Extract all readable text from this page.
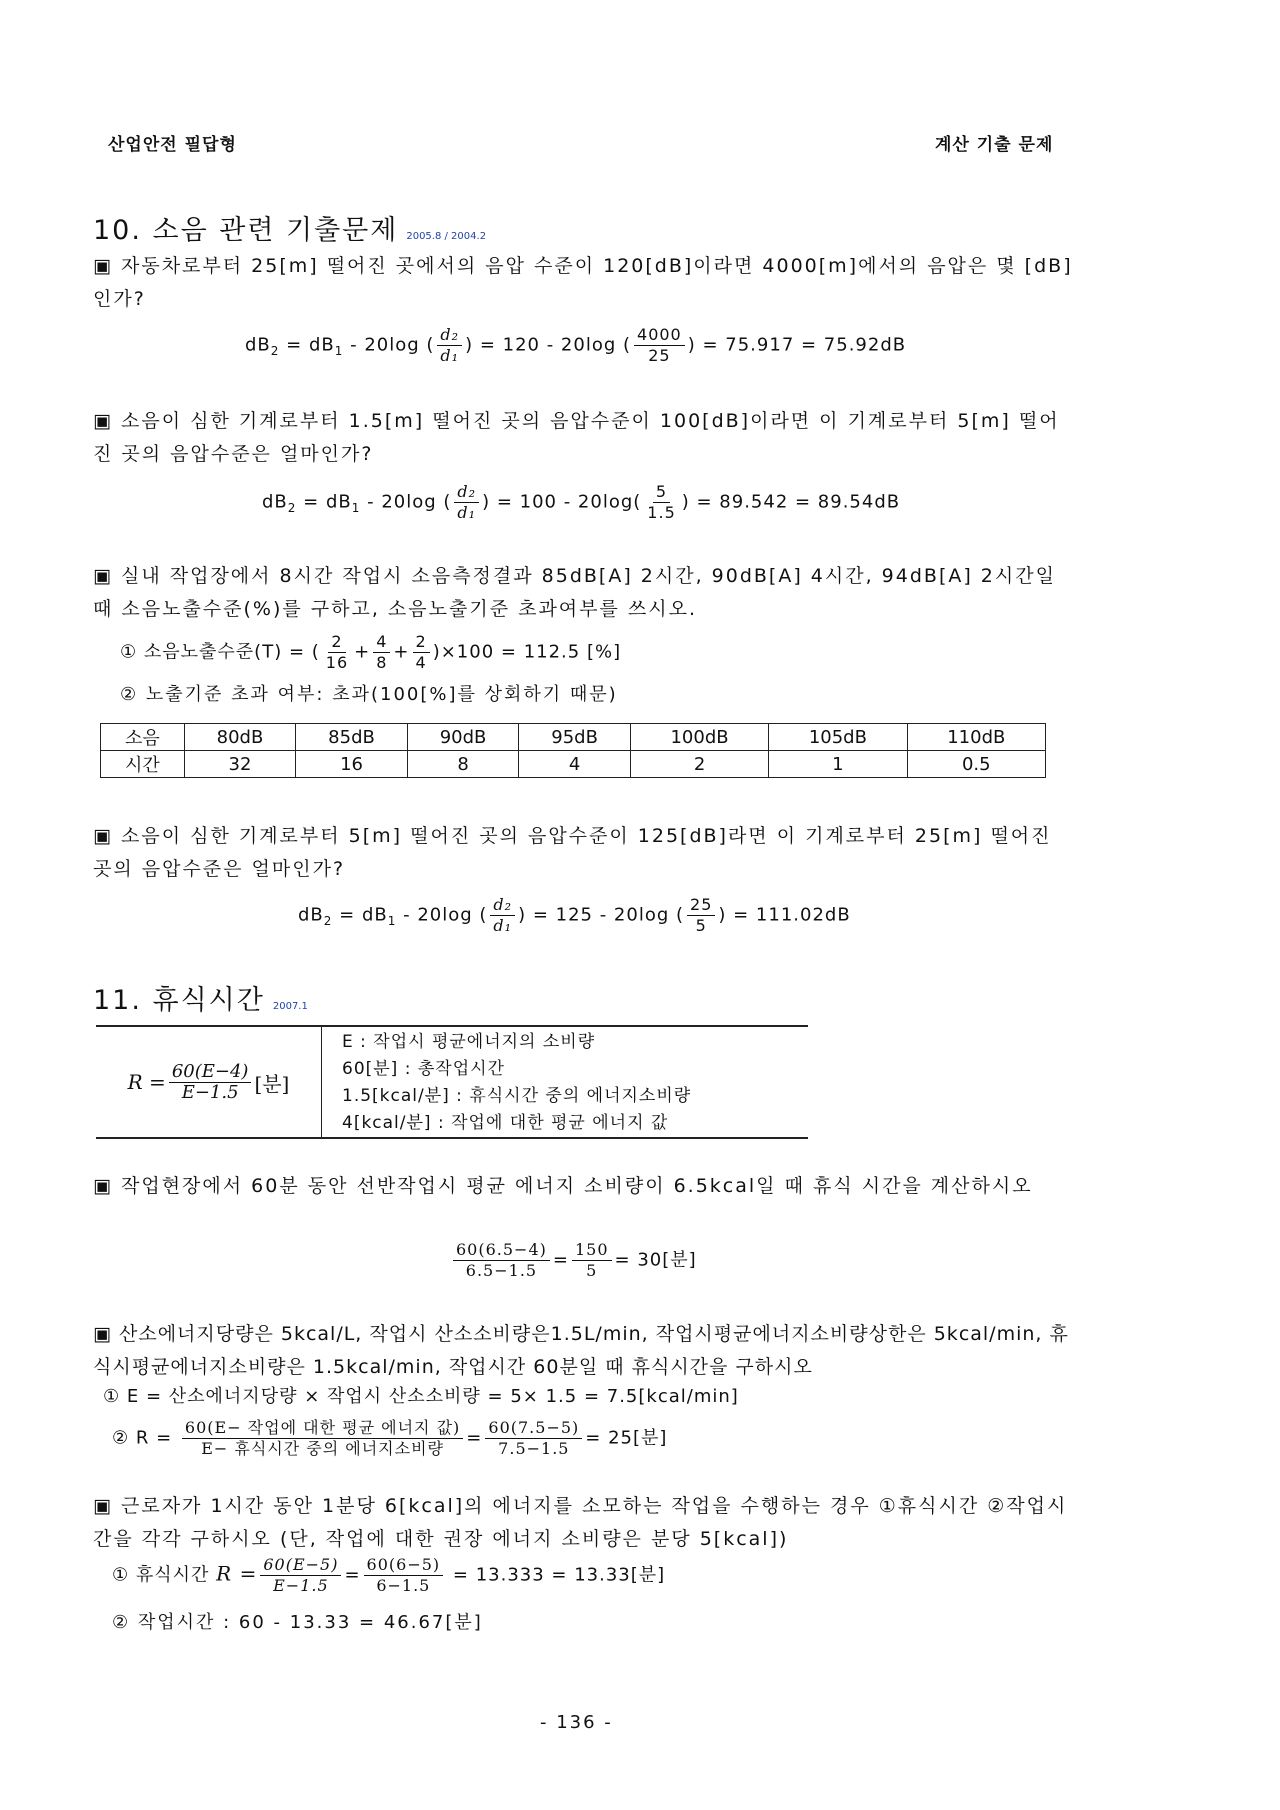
산업안전 필답형	계산 기출 문제
10. 소음 관련 기출문제 2005.8 / 2004.2
▣ 자동차로부터 25[m] 떨어진 곳에서의 음압 수준이 120[dB]이라면 4000[m]에서의 음압은 몇 [dB]인가?
$dB_2 = dB_1 - 20\log$ ( $\frac{\text{d₂}}{\text{d₁}}$ ) = 120 - 20log ( $\frac{4000}{25}$ ) = 75.917 = 75.92dB
▣ 소음이 심한 기계로부터 1.5[m] 떨어진 곳의 음압수준이 100[dB]이라면 이 기계로부터 5[m] 떨어진 곳의 음압수준은 얼마인가?
$dB_2 = dB_1 - 20\log$ ( $\frac{\text{d₂}}{\text{d₁}}$ ) = $100 - 20\log( \frac{5}{1.5}$ ) = 89.542 = 89.54dB
▣ 실내 작업장에서 8시간 작업시 소음측정결과 85dB[A] 2시간, 90dB[A] 4시간, 94dB[A] 2시간일때 소음노출수준(%)를 구하고, 소음노출기준 초과여부를 쓰시오.
① 소음노출수준(T) = ( $\frac{2}{16} + \frac{4}{8} + \frac{2}{4} )\times 100 = 112.5$ [%]
② 노출기준 초과 여부: 초과(100[%]를 상회하기 때문)
소음	80dB	85dB	90dB	95dB	100dB	105dB	110dB
시간	32	16	8	4	2	1	0.5
▣ 소음이 심한 기계로부터 5[m] 떨어진 곳의 음압수준이 125[dB]라면 이 기계로부터 25[m] 떨어진 곳의 음압수준은 얼마인가?
$dB_2 = dB_1 - 20\log$ ( $\frac{\text{d₂}}{\text{d₁}}$ ) = 125 - 20log ( $\frac{25}{5}$ ) = 111.02dB
11. 휴식시간 2007.1
$R = \frac{60(E-4)}{E-1.5}$ [분]
E : 작업시 평균에너지의 소비량
60[분] : 총작업시간
1.5[kcal/분] : 휴식시간 중의 에너지소비량
4[kcal/분] : 작업에 대한 평균 에너지 값
▣ 작업현장에서 60분 동안 선반작업시 평균 에너지 소비량이 6.5kcal일 때 휴식 시간을 계산하시오
$\frac{60(6.5-4)}{6.5-1.5} = \frac{150}{5} = 30$[분]
▣ 산소에너지당량은 5kcal/L, 작업시 산소소비량은1.5L/min, 작업시평균에너지소비량상한은 5kcal/min, 휴식시평균에너지소비량은 1.5kcal/min, 작업시간 60분일 때 휴식시간을 구하시오
① E = 산소에너지당량 × 작업시 산소소비량 = 5× 1.5 = 7.5[kcal/min]
② $R = \frac{\text{60(E− 작업에 대한 평균 에너지 값)}}{\text{E− 휴식시간 중의 에너지소비량}} = \frac{60(7.5-5)}{7.5-1.5} = 25$[분]
▣ 근로자가 1시간 동안 1분당 6[kcal]의 에너지를 소모하는 작업을 수행하는 경우 ①휴식시간 ②작업시간을 각각 구하시오 (단, 작업에 대한 권장 에너지 소비량은 분당 5[kcal])
① 휴식시간 $R = \frac{60(E-5)}{E-1.5} = \frac{60(6-5)}{6-1.5} = 13.333 = 13.33$[분]
② 작업시간 : 60 - 13.33 = 46.67[분]
- 136 -
